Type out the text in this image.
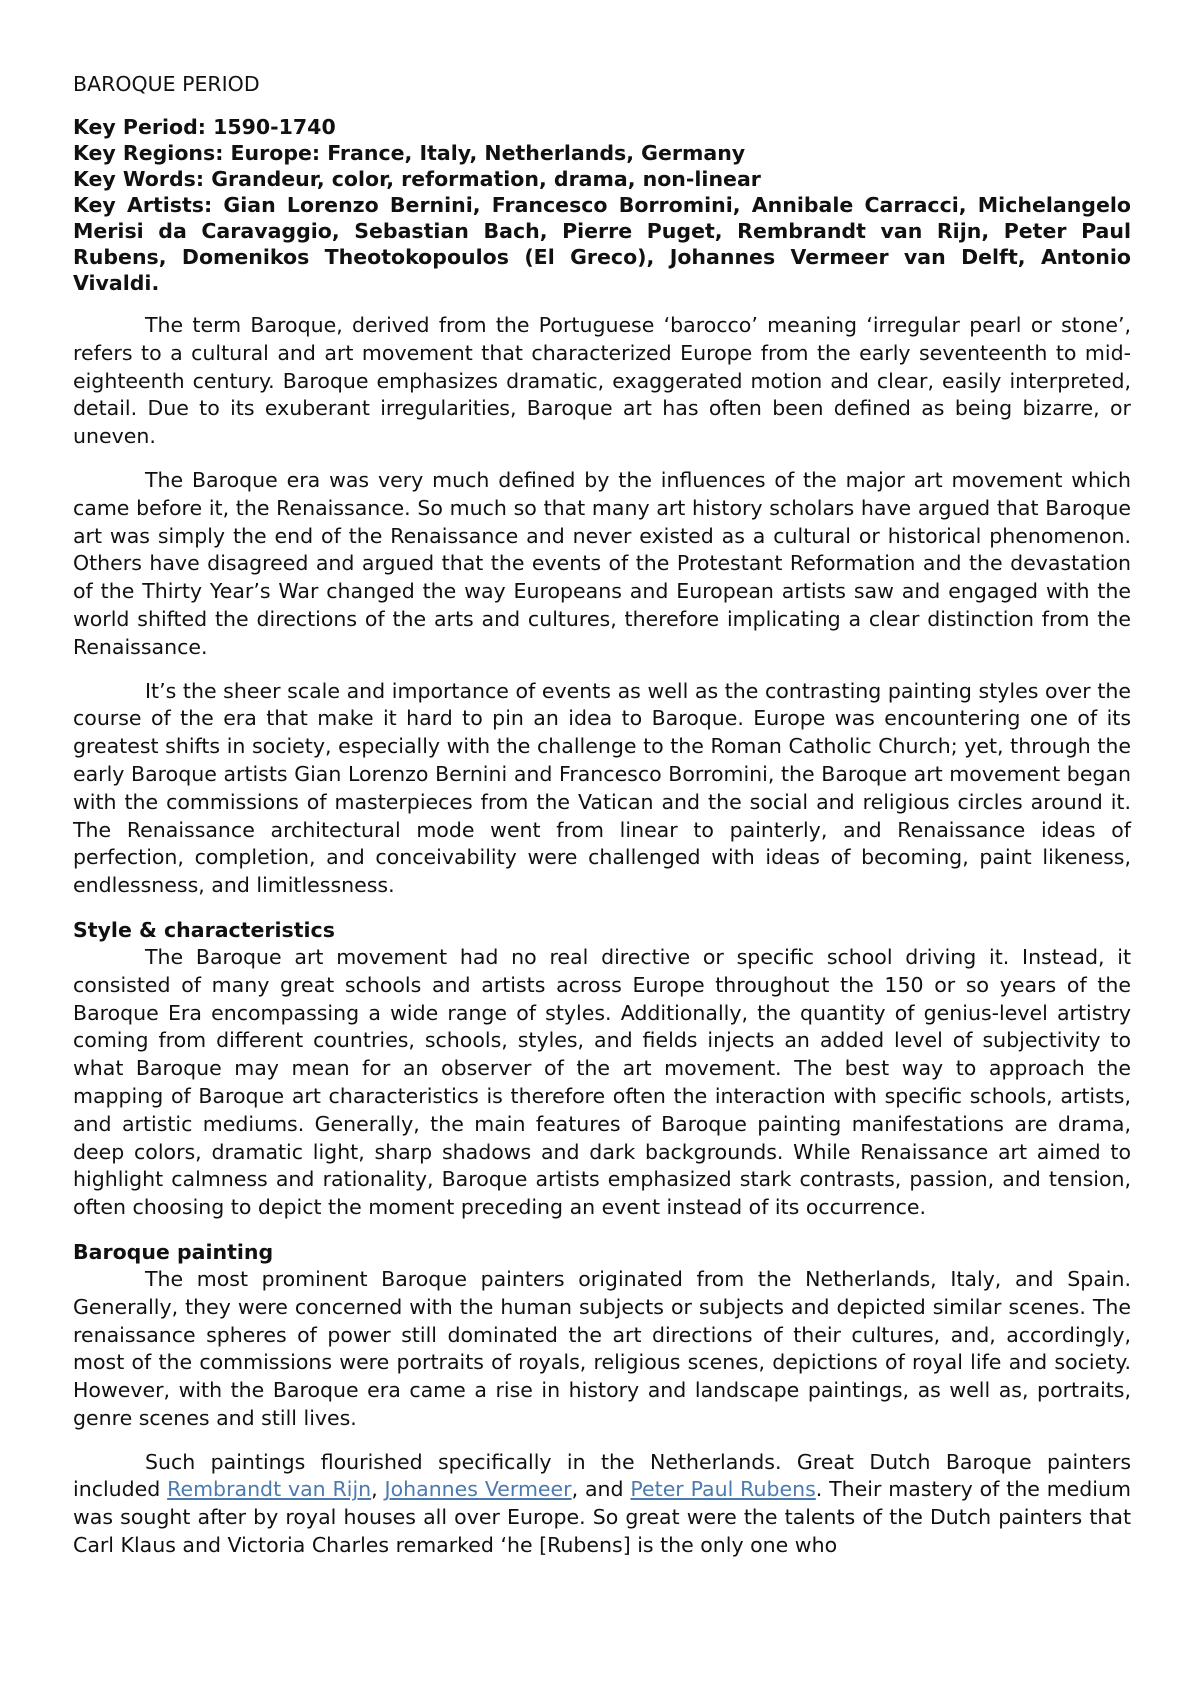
BAROQUE PERIOD

Key Period: 1590-1740

Key Regions: Europe: France, Italy, Netherlands, Germany

Key Words: Grandeur, color, reformation, drama, non-linear

Key Artists: Gian Lorenzo Bernini, Francesco Borromini, Annibale Carracci, Michelangelo Merisi da Caravaggio, Sebastian Bach, Pierre Puget, Rembrandt van Rijn, Peter Paul Rubens, Domenikos Theotokopoulos (El Greco), Johannes Vermeer van Delft, Antonio Vivaldi.

The term Baroque, derived from the Portuguese ‘barocco’ meaning ‘irregular pearl or stone’, refers to a cultural and art movement that characterized Europe from the early seventeenth to mid-eighteenth century. Baroque emphasizes dramatic, exaggerated motion and clear, easily interpreted, detail. Due to its exuberant irregularities, Baroque art has often been defined as being bizarre, or uneven.

The Baroque era was very much defined by the influences of the major art movement which came before it, the Renaissance. So much so that many art history scholars have argued that Baroque art was simply the end of the Renaissance and never existed as a cultural or historical phenomenon. Others have disagreed and argued that the events of the Protestant Reformation and the devastation of the Thirty Year’s War changed the way Europeans and European artists saw and engaged with the world shifted the directions of the arts and cultures, therefore implicating a clear distinction from the Renaissance.

It’s the sheer scale and importance of events as well as the contrasting painting styles over the course of the era that make it hard to pin an idea to Baroque. Europe was encountering one of its greatest shifts in society, especially with the challenge to the Roman Catholic Church; yet, through the early Baroque artists Gian Lorenzo Bernini and Francesco Borromini, the Baroque art movement began with the commissions of masterpieces from the Vatican and the social and religious circles around it. The Renaissance architectural mode went from linear to painterly, and Renaissance ideas of perfection, completion, and conceivability were challenged with ideas of becoming, paint likeness, endlessness, and limitlessness.

Style & characteristics

The Baroque art movement had no real directive or specific school driving it. Instead, it consisted of many great schools and artists across Europe throughout the 150 or so years of the Baroque Era encompassing a wide range of styles. Additionally, the quantity of genius-level artistry coming from different countries, schools, styles, and fields injects an added level of subjectivity to what Baroque may mean for an observer of the art movement. The best way to approach the mapping of Baroque art characteristics is therefore often the interaction with specific schools, artists, and artistic mediums. Generally, the main features of Baroque painting manifestations are drama, deep colors, dramatic light, sharp shadows and dark backgrounds. While Renaissance art aimed to highlight calmness and rationality, Baroque artists emphasized stark contrasts, passion, and tension, often choosing to depict the moment preceding an event instead of its occurrence.

Baroque painting

The most prominent Baroque painters originated from the Netherlands, Italy, and Spain. Generally, they were concerned with the human subjects or subjects and depicted similar scenes. The renaissance spheres of power still dominated the art directions of their cultures, and, accordingly, most of the commissions were portraits of royals, religious scenes, depictions of royal life and society. However, with the Baroque era came a rise in history and landscape paintings, as well as, portraits, genre scenes and still lives.

Such paintings flourished specifically in the Netherlands. Great Dutch Baroque painters included Rembrandt van Rijn, Johannes Vermeer, and Peter Paul Rubens. Their mastery of the medium was sought after by royal houses all over Europe. So great were the talents of the Dutch painters that Carl Klaus and Victoria Charles remarked ‘he [Rubens] is the only one who
